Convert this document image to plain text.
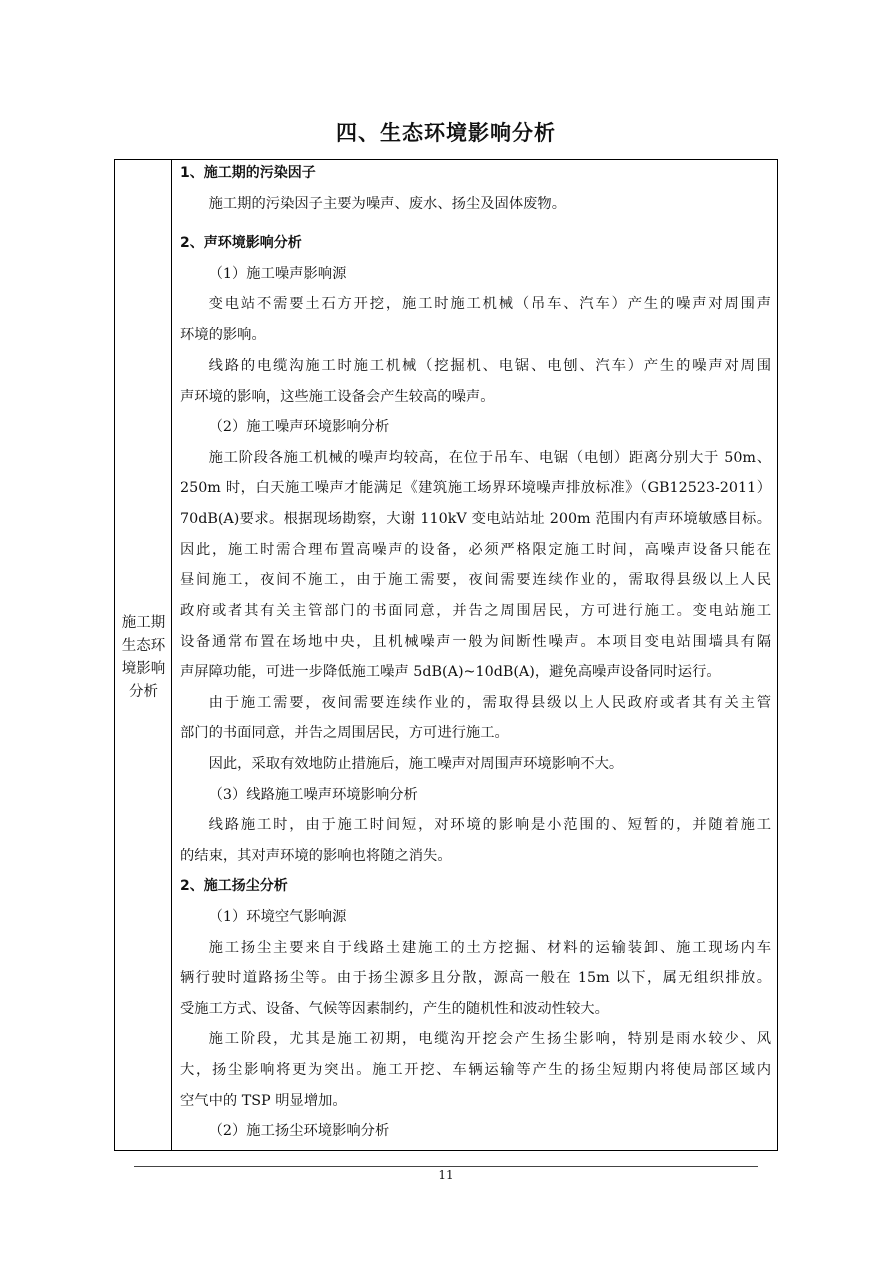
四、生态环境影响分析
施工期
生态环
境影响
分析
1、施工期的污染因子
施工期的污染因子主要为噪声、废水、扬尘及固体废物。
2、声环境影响分析
（1）施工噪声影响源
变电站不需要土石方开挖，施工时施工机械（吊车、汽车）产生的噪声对周围声
环境的影响。
线路的电缆沟施工时施工机械（挖掘机、电锯、电刨、汽车）产生的噪声对周围
声环境的影响，这些施工设备会产生较高的噪声。
（2）施工噪声环境影响分析
施工阶段各施工机械的噪声均较高，在位于吊车、电锯（电刨）距离分别大于 50m、
250m 时，白天施工噪声才能满足《建筑施工场界环境噪声排放标准》（GB12523-2011）
70dB(A)要求。根据现场勘察，大谢 110kV 变电站站址 200m 范围内有声环境敏感目标。
因此，施工时需合理布置高噪声的设备，必须严格限定施工时间，高噪声设备只能在
昼间施工，夜间不施工，由于施工需要，夜间需要连续作业的，需取得县级以上人民
政府或者其有关主管部门的书面同意，并告之周围居民，方可进行施工。变电站施工
设备通常布置在场地中央，且机械噪声一般为间断性噪声。本项目变电站围墙具有隔
声屏障功能，可进一步降低施工噪声 5dB(A)~10dB(A)，避免高噪声设备同时运行。
由于施工需要，夜间需要连续作业的，需取得县级以上人民政府或者其有关主管
部门的书面同意，并告之周围居民，方可进行施工。
因此，采取有效地防止措施后，施工噪声对周围声环境影响不大。
（3）线路施工噪声环境影响分析
线路施工时，由于施工时间短，对环境的影响是小范围的、短暂的，并随着施工
的结束，其对声环境的影响也将随之消失。
2、施工扬尘分析
（1）环境空气影响源
施工扬尘主要来自于线路土建施工的土方挖掘、材料的运输装卸、施工现场内车
辆行驶时道路扬尘等。由于扬尘源多且分散，源高一般在 15m 以下，属无组织排放。
受施工方式、设备、气候等因素制约，产生的随机性和波动性较大。
施工阶段，尤其是施工初期，电缆沟开挖会产生扬尘影响，特别是雨水较少、风
大，扬尘影响将更为突出。施工开挖、车辆运输等产生的扬尘短期内将使局部区域内
空气中的 TSP 明显增加。
（2）施工扬尘环境影响分析
11
